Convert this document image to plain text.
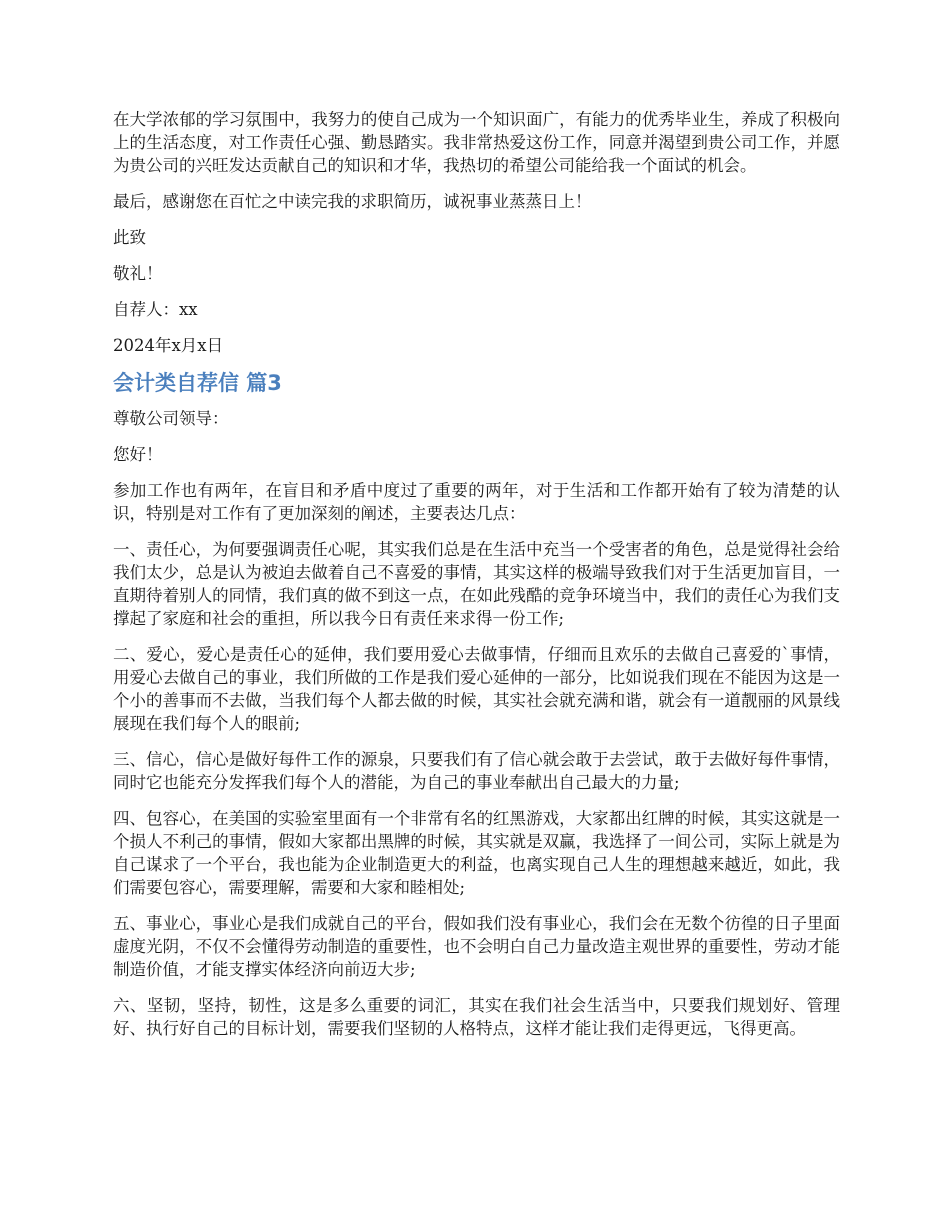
在大学浓郁的学习氛围中，我努力的使自己成为一个知识面广，有能力的优秀毕业生，养成了积极向上的生活态度，对工作责任心强、勤恳踏实。我非常热爱这份工作，同意并渴望到贵公司工作，并愿为贵公司的兴旺发达贡献自己的知识和才华，我热切的希望公司能给我一个面试的机会。

最后，感谢您在百忙之中读完我的求职简历，诚祝事业蒸蒸日上！

此致

敬礼！

自荐人：xx

2024年x月x日

会计类自荐信 篇3

尊敬公司领导：

您好！

参加工作也有两年，在盲目和矛盾中度过了重要的两年，对于生活和工作都开始有了较为清楚的认识，特别是对工作有了更加深刻的阐述，主要表达几点：

一、责任心，为何要强调责任心呢，其实我们总是在生活中充当一个受害者的角色，总是觉得社会给我们太少，总是认为被迫去做着自己不喜爱的事情，其实这样的极端导致我们对于生活更加盲目，一直期待着别人的同情，我们真的做不到这一点，在如此残酷的竞争环境当中，我们的责任心为我们支撑起了家庭和社会的重担，所以我今日有责任来求得一份工作;

二、爱心，爱心是责任心的延伸，我们要用爱心去做事情，仔细而且欢乐的去做自己喜爱的`事情，用爱心去做自己的事业，我们所做的工作是我们爱心延伸的一部分，比如说我们现在不能因为这是一个小的善事而不去做，当我们每个人都去做的时候，其实社会就充满和谐，就会有一道靓丽的风景线展现在我们每个人的眼前;

三、信心，信心是做好每件工作的源泉，只要我们有了信心就会敢于去尝试，敢于去做好每件事情，同时它也能充分发挥我们每个人的潜能，为自己的事业奉献出自己最大的力量;

四、包容心，在美国的实验室里面有一个非常有名的红黑游戏，大家都出红牌的时候，其实这就是一个损人不利己的事情，假如大家都出黑牌的时候，其实就是双赢，我选择了一间公司，实际上就是为自己谋求了一个平台，我也能为企业制造更大的利益，也离实现自己人生的理想越来越近，如此，我们需要包容心，需要理解，需要和大家和睦相处;

五、事业心，事业心是我们成就自己的平台，假如我们没有事业心，我们会在无数个彷徨的日子里面虚度光阴，不仅不会懂得劳动制造的重要性，也不会明白自己力量改造主观世界的重要性，劳动才能制造价值，才能支撑实体经济向前迈大步;

六、坚韧，坚持，韧性，这是多么重要的词汇，其实在我们社会生活当中，只要我们规划好、管理好、执行好自己的目标计划，需要我们坚韧的人格特点，这样才能让我们走得更远，飞得更高。
